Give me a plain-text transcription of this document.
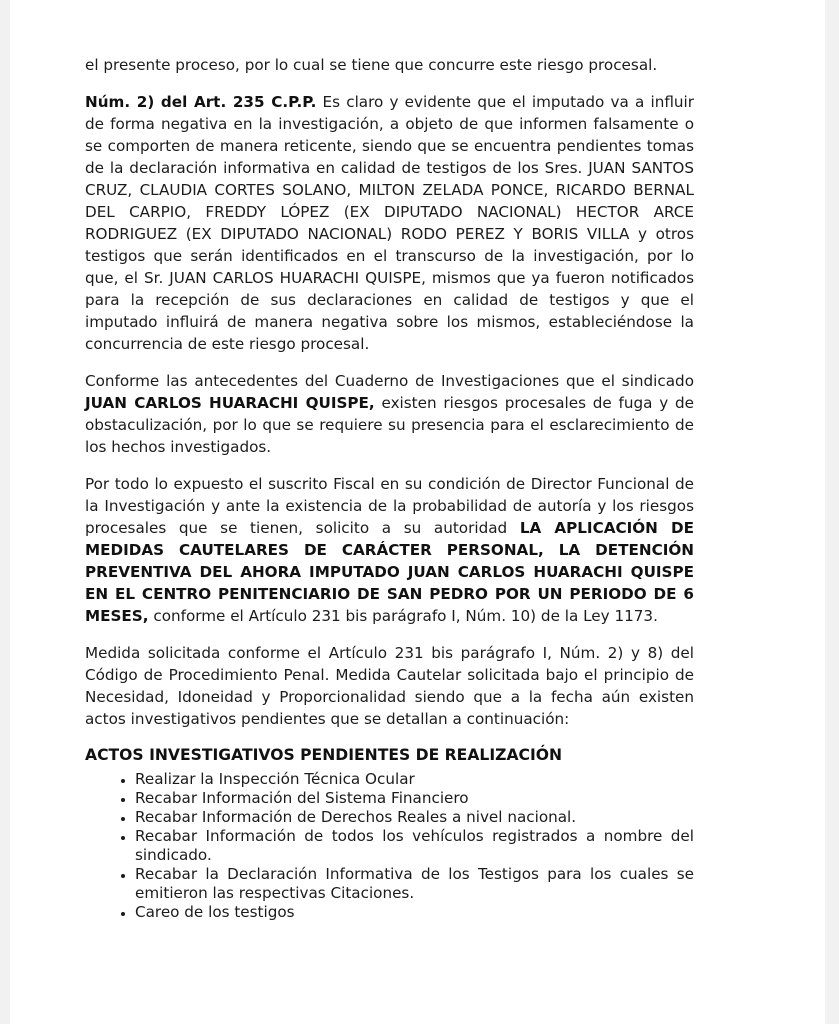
el presente proceso, por lo cual se tiene que concurre este riesgo procesal.

Núm. 2) del Art. 235 C.P.P. Es claro y evidente que el imputado va a influir de forma negativa en la investigación, a objeto de que informen falsamente o se comporten de manera reticente, siendo que se encuentra pendientes tomas de la declaración informativa en calidad de testigos de los Sres. JUAN SANTOS CRUZ, CLAUDIA CORTES SOLANO, MILTON ZELADA PONCE, RICARDO BERNAL DEL CARPIO, FREDDY LÓPEZ (EX DIPUTADO NACIONAL) HECTOR ARCE RODRIGUEZ (EX DIPUTADO NACIONAL) RODO PEREZ Y BORIS VILLA y otros testigos que serán identificados en el transcurso de la investigación, por lo que, el Sr. JUAN CARLOS HUARACHI QUISPE, mismos que ya fueron notificados para la recepción de sus declaraciones en calidad de testigos y que el imputado influirá de manera negativa sobre los mismos, estableciéndose la concurrencia de este riesgo procesal.

Conforme las antecedentes del Cuaderno de Investigaciones que el sindicado JUAN CARLOS HUARACHI QUISPE, existen riesgos procesales de fuga y de obstaculización, por lo que se requiere su presencia para el esclarecimiento de los hechos investigados.

Por todo lo expuesto el suscrito Fiscal en su condición de Director Funcional de la Investigación y ante la existencia de la probabilidad de autoría y los riesgos procesales que se tienen, solicito a su autoridad LA APLICACIÓN DE MEDIDAS CAUTELARES DE CARÁCTER PERSONAL, LA DETENCIÓN PREVENTIVA DEL AHORA IMPUTADO JUAN CARLOS HUARACHI QUISPE EN EL CENTRO PENITENCIARIO DE SAN PEDRO POR UN PERIODO DE 6 MESES, conforme el Artículo 231 bis parágrafo I, Núm. 10) de la Ley 1173.

Medida solicitada conforme el Artículo 231 bis parágrafo I, Núm. 2) y 8) del Código de Procedimiento Penal. Medida Cautelar solicitada bajo el principio de Necesidad, Idoneidad y Proporcionalidad siendo que a la fecha aún existen actos investigativos pendientes que se detallan a continuación:

ACTOS INVESTIGATIVOS PENDIENTES DE REALIZACIÓN
• Realizar la Inspección Técnica Ocular
• Recabar Información del Sistema Financiero
• Recabar Información de Derechos Reales a nivel nacional.
• Recabar Información de todos los vehículos registrados a nombre del sindicado.
• Recabar la Declaración Informativa de los Testigos para los cuales se emitieron las respectivas Citaciones.
• Careo de los testigos
